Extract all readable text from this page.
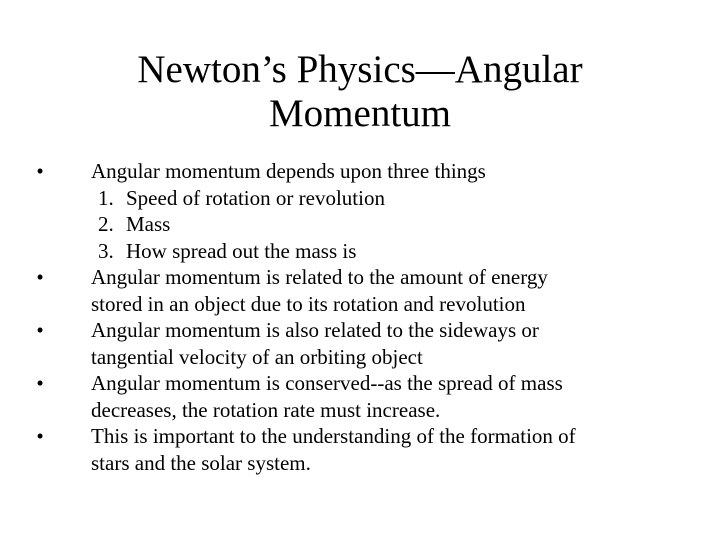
Newton’s Physics—Angular
Momentum
•	Angular momentum depends upon three things
1. Speed of rotation or revolution
2. Mass
3. How spread out the mass is
•	Angular momentum is related to the amount of energy
stored in an object due to its rotation and revolution
•	Angular momentum is also related to the sideways or
tangential velocity of an orbiting object
•	Angular momentum is conserved--as the spread of mass
decreases, the rotation rate must increase.
•	This is important to the understanding of the formation of
stars and the solar system.
